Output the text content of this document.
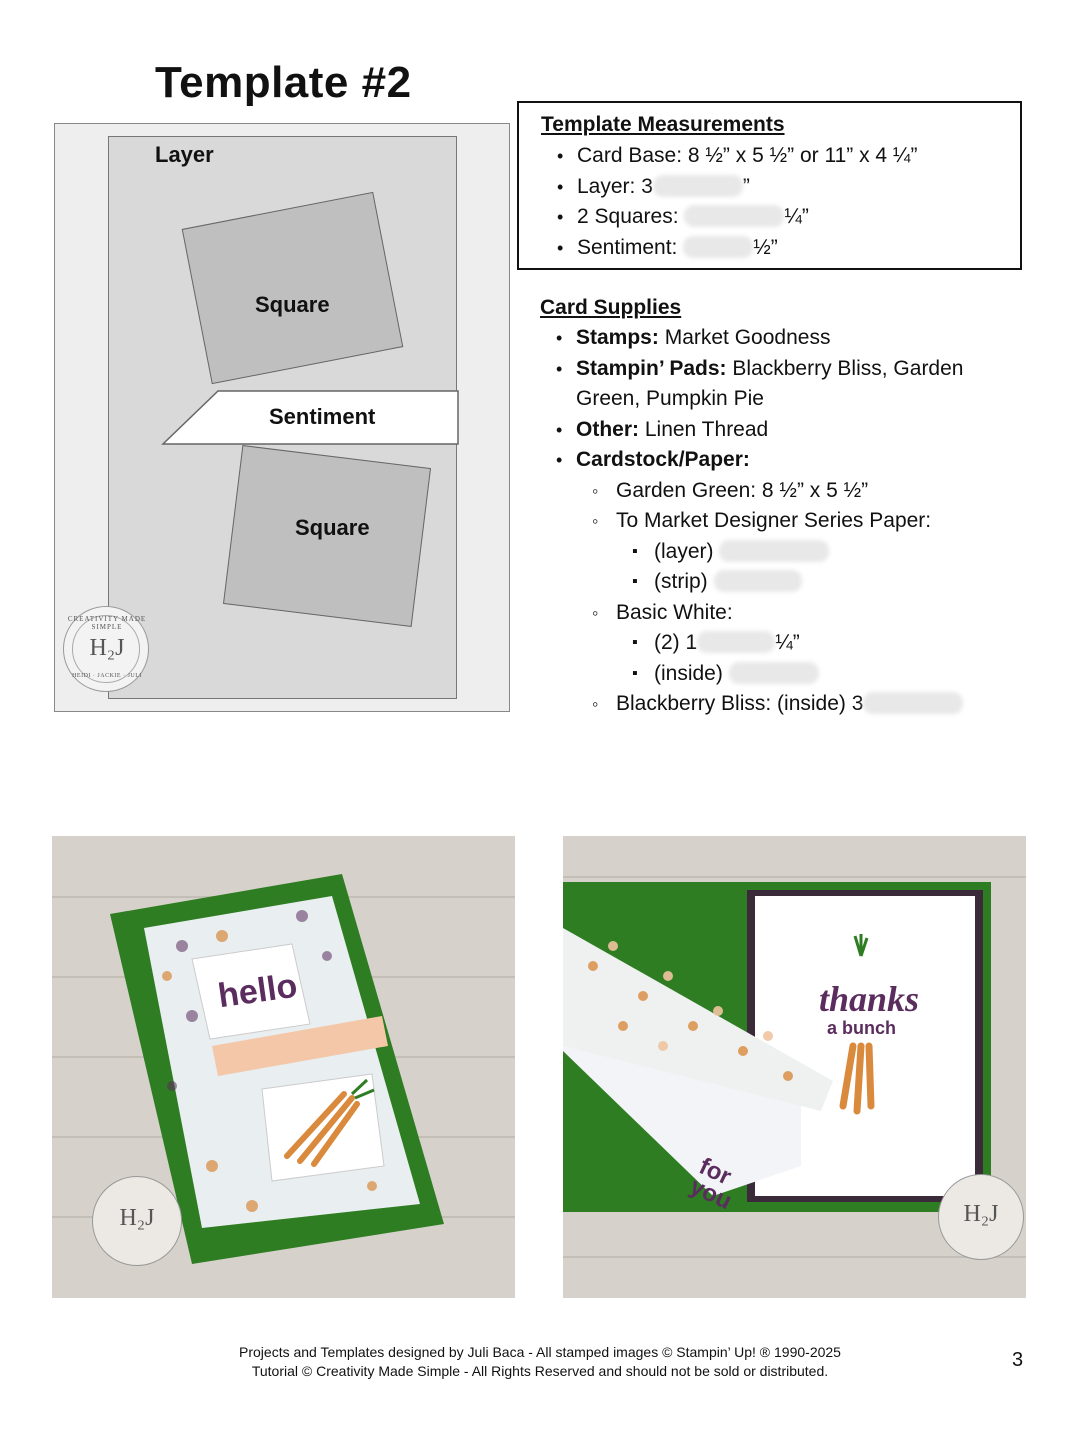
Template #2
Layer
Square
Square
Sentiment
CREATIVITY MADE SIMPLE
H₂J
HEIDI · JACKIE · JULI
Template Measurements
• Card Base: 8 ½” x 5 ½” or 11” x 4 ¼”
• Layer: 3	”
• 2 Squares:	¼”
• Sentiment:	½”
Card Supplies
• Stamps: Market Goodness
• Stampin’ Pads: Blackberry Bliss, Garden
Green, Pumpkin Pie
• Other: Linen Thread
• Cardstock/Paper:
◦ Garden Green: 8 ½” x 5 ½”
◦ To Market Designer Series Paper:
▪ (layer)
▪ (strip)
◦ Basic White:
▪ (2) 1	¼”
▪ (inside)
◦ Blackberry Bliss: (inside) 3
hello
H₂J
thanks
a bunch
for you	H₂J
Projects and Templates designed by Juli Baca - All stamped images © Stampin’ Up! ® 1990-2025
Tutorial © Creativity Made Simple - All Rights Reserved and should not be sold or distributed.	3
